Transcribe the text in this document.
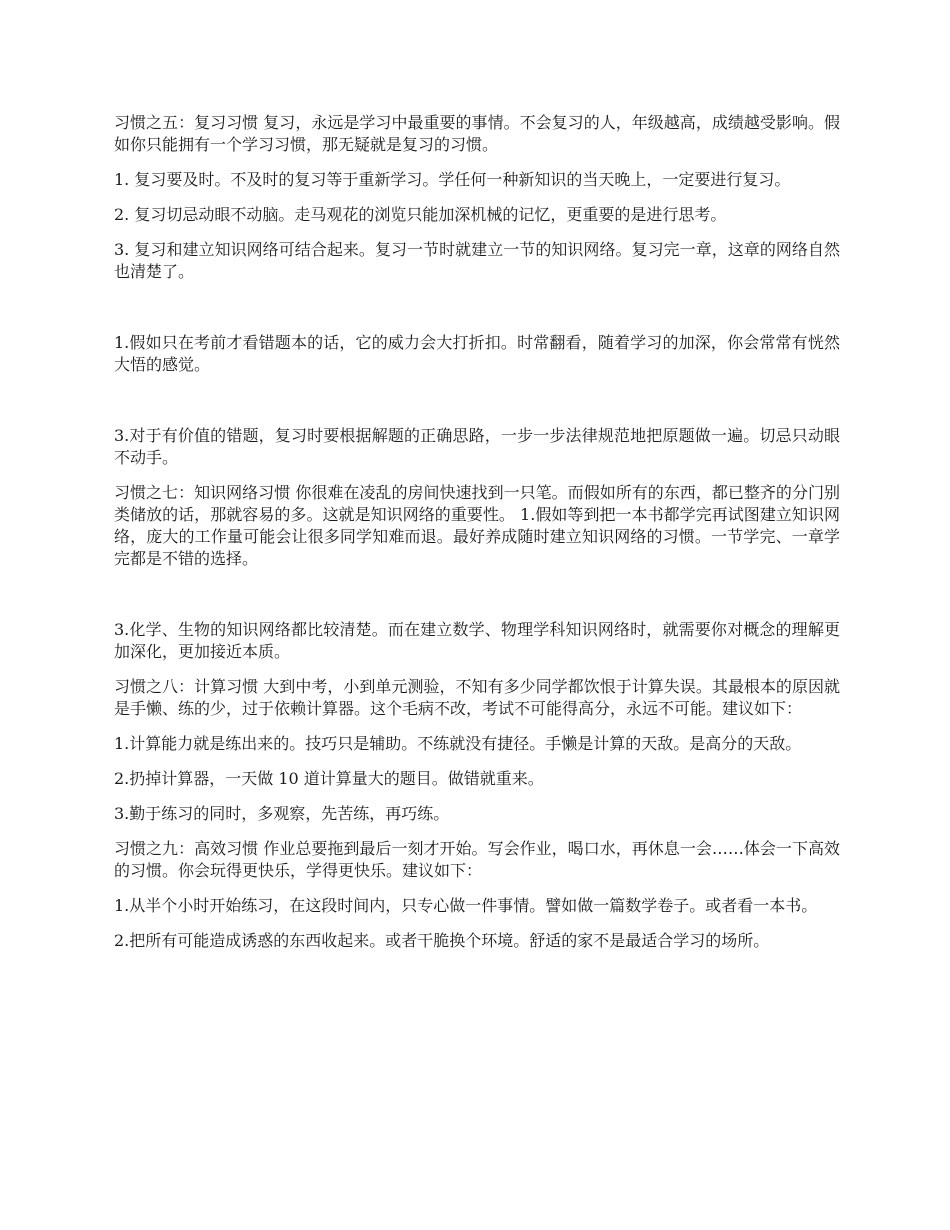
习惯之五：复习习惯 复习，永远是学习中最重要的事情。不会复习的人，年级越高，成绩越受影响。假如你只能拥有一个学习习惯，那无疑就是复习的习惯。

1. 复习要及时。不及时的复习等于重新学习。学任何一种新知识的当天晚上，一定要进行复习。

2. 复习切忌动眼不动脑。走马观花的浏览只能加深机械的记忆，更重要的是进行思考。

3. 复习和建立知识网络可结合起来。复习一节时就建立一节的知识网络。复习完一章，这章的网络自然也清楚了。

1.假如只在考前才看错题本的话，它的威力会大打折扣。时常翻看，随着学习的加深，你会常常有恍然大悟的感觉。

3.对于有价值的错题，复习时要根据解题的正确思路，一步一步法律规范地把原题做一遍。切忌只动眼不动手。

习惯之七：知识网络习惯 你很难在凌乱的房间快速找到一只笔。而假如所有的东西，都已整齐的分门别类储放的话，那就容易的多。这就是知识网络的重要性。 1.假如等到把一本书都学完再试图建立知识网络，庞大的工作量可能会让很多同学知难而退。最好养成随时建立知识网络的习惯。一节学完、一章学完都是不错的选择。

3.化学、生物的知识网络都比较清楚。而在建立数学、物理学科知识网络时，就需要你对概念的理解更加深化，更加接近本质。

习惯之八：计算习惯 大到中考，小到单元测验，不知有多少同学都饮恨于计算失误。其最根本的原因就是手懒、练的少，过于依赖计算器。这个毛病不改，考试不可能得高分，永远不可能。建议如下：

1.计算能力就是练出来的。技巧只是辅助。不练就没有捷径。手懒是计算的天敌。是高分的天敌。

2.扔掉计算器，一天做 10 道计算量大的题目。做错就重来。

3.勤于练习的同时，多观察，先苦练，再巧练。

习惯之九：高效习惯 作业总要拖到最后一刻才开始。写会作业，喝口水，再休息一会……体会一下高效的习惯。你会玩得更快乐，学得更快乐。建议如下：

1.从半个小时开始练习，在这段时间内，只专心做一件事情。譬如做一篇数学卷子。或者看一本书。

2.把所有可能造成诱惑的东西收起来。或者干脆换个环境。舒适的家不是最适合学习的场所。
